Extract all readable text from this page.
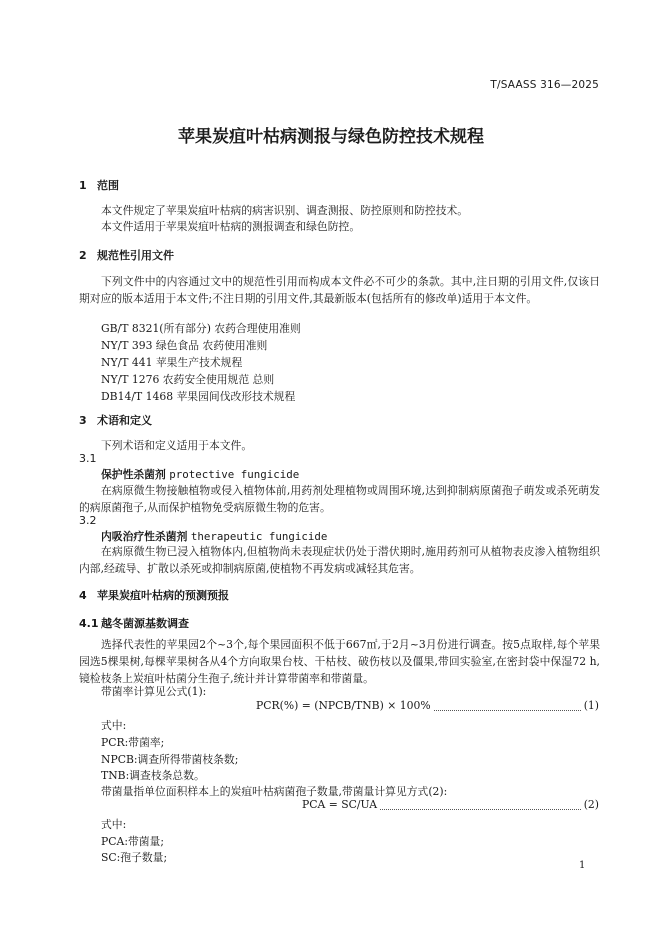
T/SAASS 316—2025
苹果炭疽叶枯病测报与绿色防控技术规程
1 范围
本文件规定了苹果炭疽叶枯病的病害识别、调查测报、防控原则和防控技术。
本文件适用于苹果炭疽叶枯病的测报调查和绿色防控。
2 规范性引用文件
下列文件中的内容通过文中的规范性引用而构成本文件必不可少的条款。其中,注日期的引用文件,仅该日期对应的版本适用于本文件;不注日期的引用文件,其最新版本(包括所有的修改单)适用于本文件。
GB/T 8321(所有部分) 农药合理使用准则
NY/T 393 绿色食品 农药使用准则
NY/T 441 苹果生产技术规程
NY/T 1276 农药安全使用规范 总则
DB14/T 1468 苹果园间伐改形技术规程
3 术语和定义
下列术语和定义适用于本文件。
3.1
保护性杀菌剂 protective fungicide
在病原微生物接触植物或侵入植物体前,用药剂处理植物或周围环境,达到抑制病原菌孢子萌发或杀死萌发的病原菌孢子,从而保护植物免受病原微生物的危害。
3.2
内吸治疗性杀菌剂 therapeutic fungicide
在病原微生物已浸入植物体内,但植物尚未表现症状仍处于潜伏期时,施用药剂可从植物表皮渗入植物组织内部,经疏导、扩散以杀死或抑制病原菌,使植物不再发病或减轻其危害。
4 苹果炭疽叶枯病的预测预报
4.1 越冬菌源基数调查
选择代表性的苹果园2个~3个,每个果园面积不低于667㎡,于2月~3月份进行调查。按5点取样,每个苹果园选5棵果树,每棵苹果树各从4个方向取果台枝、干枯枝、破伤枝以及僵果,带回实验室,在密封袋中保湿72 h,镜检枝条上炭疽叶枯菌分生孢子,统计并计算带菌率和带菌量。
带菌率计算见公式(1):
PCR(%) = (NPCB/TNB) × 100%	(1)
式中:
PCR:带菌率;
NPCB:调查所得带菌枝条数;
TNB:调查枝条总数。
带菌量指单位面积样本上的炭疽叶枯病菌孢子数量,带菌量计算见方式(2):
PCA = SC/UA	(2)
式中:
PCA:带菌量;
SC:孢子数量;
1
